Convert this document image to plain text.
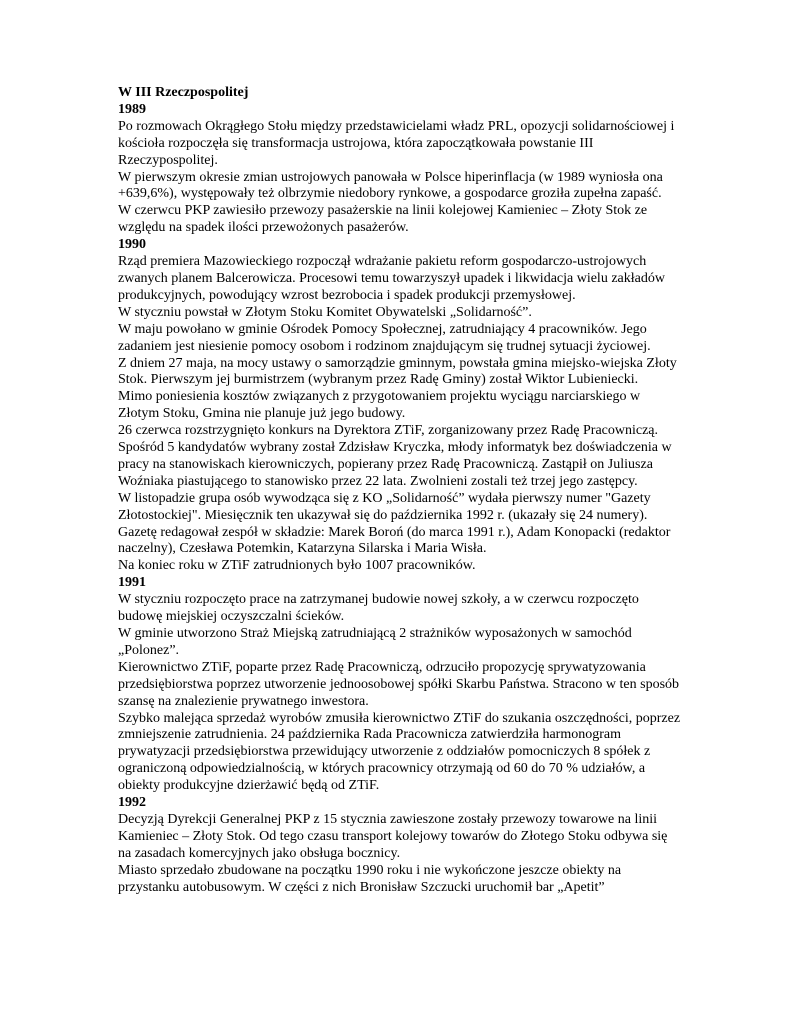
W III Rzeczpospolitej
1989

Po rozmowach Okrągłego Stołu między przedstawicielami władz PRL, opozycji solidarnościowej i kościoła rozpoczęła się transformacja ustrojowa, która zapoczątkowała powstanie III Rzeczypospolitej.

W pierwszym okresie zmian ustrojowych panowała w Polsce hiperinflacja (w 1989 wyniosła ona +639,6%), występowały też olbrzymie niedobory rynkowe, a gospodarce groziła zupełna zapaść.

W czerwcu PKP zawiesiło przewozy pasażerskie na linii kolejowej Kamieniec – Złoty Stok ze względu na spadek ilości przewożonych pasażerów.

1990

Rząd premiera Mazowieckiego rozpoczął wdrażanie pakietu reform gospodarczo-ustrojowych zwanych planem Balcerowicza. Procesowi temu towarzyszył upadek i likwidacja wielu zakładów produkcyjnych, powodujący wzrost bezrobocia i spadek produkcji przemysłowej.

W styczniu powstał w Złotym Stoku Komitet Obywatelski „Solidarność”.

W maju powołano w gminie Ośrodek Pomocy Społecznej, zatrudniający 4 pracowników. Jego zadaniem jest niesienie pomocy osobom i rodzinom znajdującym się trudnej sytuacji życiowej.

Z dniem 27 maja, na mocy ustawy o samorządzie gminnym, powstała gmina miejsko-wiejska Złoty Stok. Pierwszym jej burmistrzem (wybranym przez Radę Gminy) został Wiktor Lubieniecki.

Mimo poniesienia kosztów związanych z przygotowaniem projektu wyciągu narciarskiego w Złotym Stoku, Gmina nie planuje już jego budowy.

26 czerwca rozstrzygnięto konkurs na Dyrektora ZTiF, zorganizowany przez Radę Pracowniczą. Spośród 5 kandydatów wybrany został Zdzisław Kryczka, młody informatyk bez doświadczenia w pracy na stanowiskach kierowniczych, popierany przez Radę Pracowniczą. Zastąpił on Juliusza Woźniaka piastującego to stanowisko przez 22 lata. Zwolnieni zostali też trzej jego zastępcy.

W listopadzie grupa osób wywodząca się z KO „Solidarność” wydała pierwszy numer "Gazety Złotostockiej". Miesięcznik ten ukazywał się do października 1992 r. (ukazały się 24 numery). Gazetę redagował zespół w składzie: Marek Boroń (do marca 1991 r.), Adam Konopacki (redaktor naczelny), Czesława Potemkin, Katarzyna Silarska i Maria Wisła.

Na koniec roku w ZTiF zatrudnionych było 1007 pracowników.

1991

W styczniu rozpoczęto prace na zatrzymanej budowie nowej szkoły, a w czerwcu rozpoczęto budowę miejskiej oczyszczalni ścieków.

W gminie utworzono Straż Miejską zatrudniającą 2 strażników wyposażonych w samochód „Polonez”.

Kierownictwo ZTiF, poparte przez Radę Pracowniczą, odrzuciło propozycję sprywatyzowania przedsiębiorstwa poprzez utworzenie jednoosobowej spółki Skarbu Państwa. Stracono w ten sposób szansę na znalezienie prywatnego inwestora.

Szybko malejąca sprzedaż wyrobów zmusiła kierownictwo ZTiF do szukania oszczędności, poprzez zmniejszenie zatrudnienia. 24 października Rada Pracownicza zatwierdziła harmonogram prywatyzacji przedsiębiorstwa przewidujący utworzenie z oddziałów pomocniczych 8 spółek z ograniczoną odpowiedzialnością, w których pracownicy otrzymają od 60 do 70 % udziałów, a obiekty produkcyjne dzierżawić będą od ZTiF.

1992

Decyzją Dyrekcji Generalnej PKP z 15 stycznia zawieszone zostały przewozy towarowe na linii Kamieniec – Złoty Stok. Od tego czasu transport kolejowy towarów do Złotego Stoku odbywa się na zasadach komercyjnych jako obsługa bocznicy.

Miasto sprzedało zbudowane na początku 1990 roku i nie wykończone jeszcze obiekty na przystanku autobusowym. W części z nich Bronisław Szczucki uruchomił bar „Apetit”
